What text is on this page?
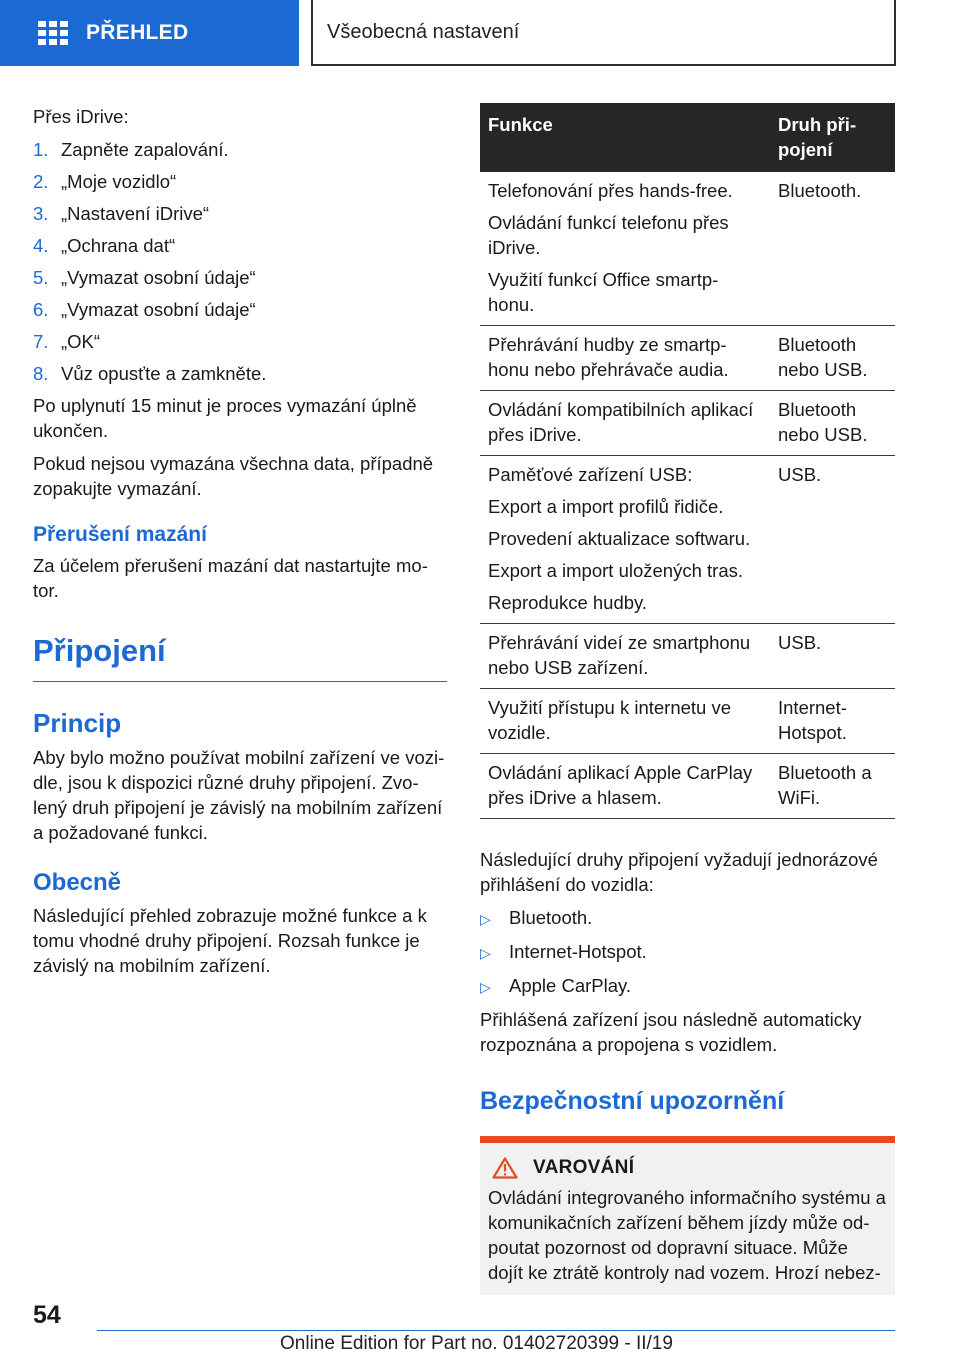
PŘEHLED	Všeobecná nastavení

Přes iDrive:

1. Zapněte zapalování.
2. „Moje vozidlo“
3. „Nastavení iDrive“
4. „Ochrana dat“
5. „Vymazat osobní údaje“
6. „Vymazat osobní údaje“
7. „OK“
8. Vůz opusťte a zamkněte.

Po uplynutí 15 minut je proces vymazání úplně ukončen.

Pokud nejsou vymazána všechna data, případně zopakujte vymazání.

Přerušení mazání

Za účelem přerušení mazání dat nastartujte mo‐tor.

Připojení
Princip

Aby bylo možno používat mobilní zařízení ve vozi‐dle, jsou k dispozici různé druhy připojení. Zvo‐lený druh připojení je závislý na mobilním zařízení a požadované funkci.

Obecně

Následující přehled zobrazuje možné funkce a k tomu vhodné druhy připojení. Rozsah funkce je závislý na mobilním zařízení.

Funkce	Druh při‐pojení

Telefonování přes hands-free.
Ovládání funkcí telefonu přes iDrive.
Využití funkcí Office smartp‐honu.	Bluetooth.

Přehrávání hudby ze smartp‐honu nebo přehrávače audia.	Bluetooth nebo USB.

Ovládání kompatibilních aplikací přes iDrive.	Bluetooth nebo USB.

Paměťové zařízení USB:
Export a import profilů řidiče.
Provedení aktualizace softwaru.
Export a import uložených tras.
Reprodukce hudby.	USB.

Přehrávání videí ze smartphonu nebo USB zařízení.	USB.

Využití přístupu k internetu ve vozidle.	Internet‐Hotspot.

Ovládání aplikací Apple CarPlay přes iDrive a hlasem.	Bluetooth a WiFi.

Následující druhy připojení vyžadují jednorázové přihlášení do vozidla:

▷ Bluetooth.
▷ Internet-Hotspot.
▷ Apple CarPlay.

Přihlášená zařízení jsou následně automaticky rozpoznána a propojena s vozidlem.

Bezpečnostní upozornění
VAROVÁNÍ

Ovládání integrovaného informačního systému a komunikačních zařízení během jízdy může od‐poutat pozornost od dopravní situace. Může dojít ke ztrátě kontroly nad vozem. Hrozí nebez‐

54
Online Edition for Part no. 01402720399 - II/19
